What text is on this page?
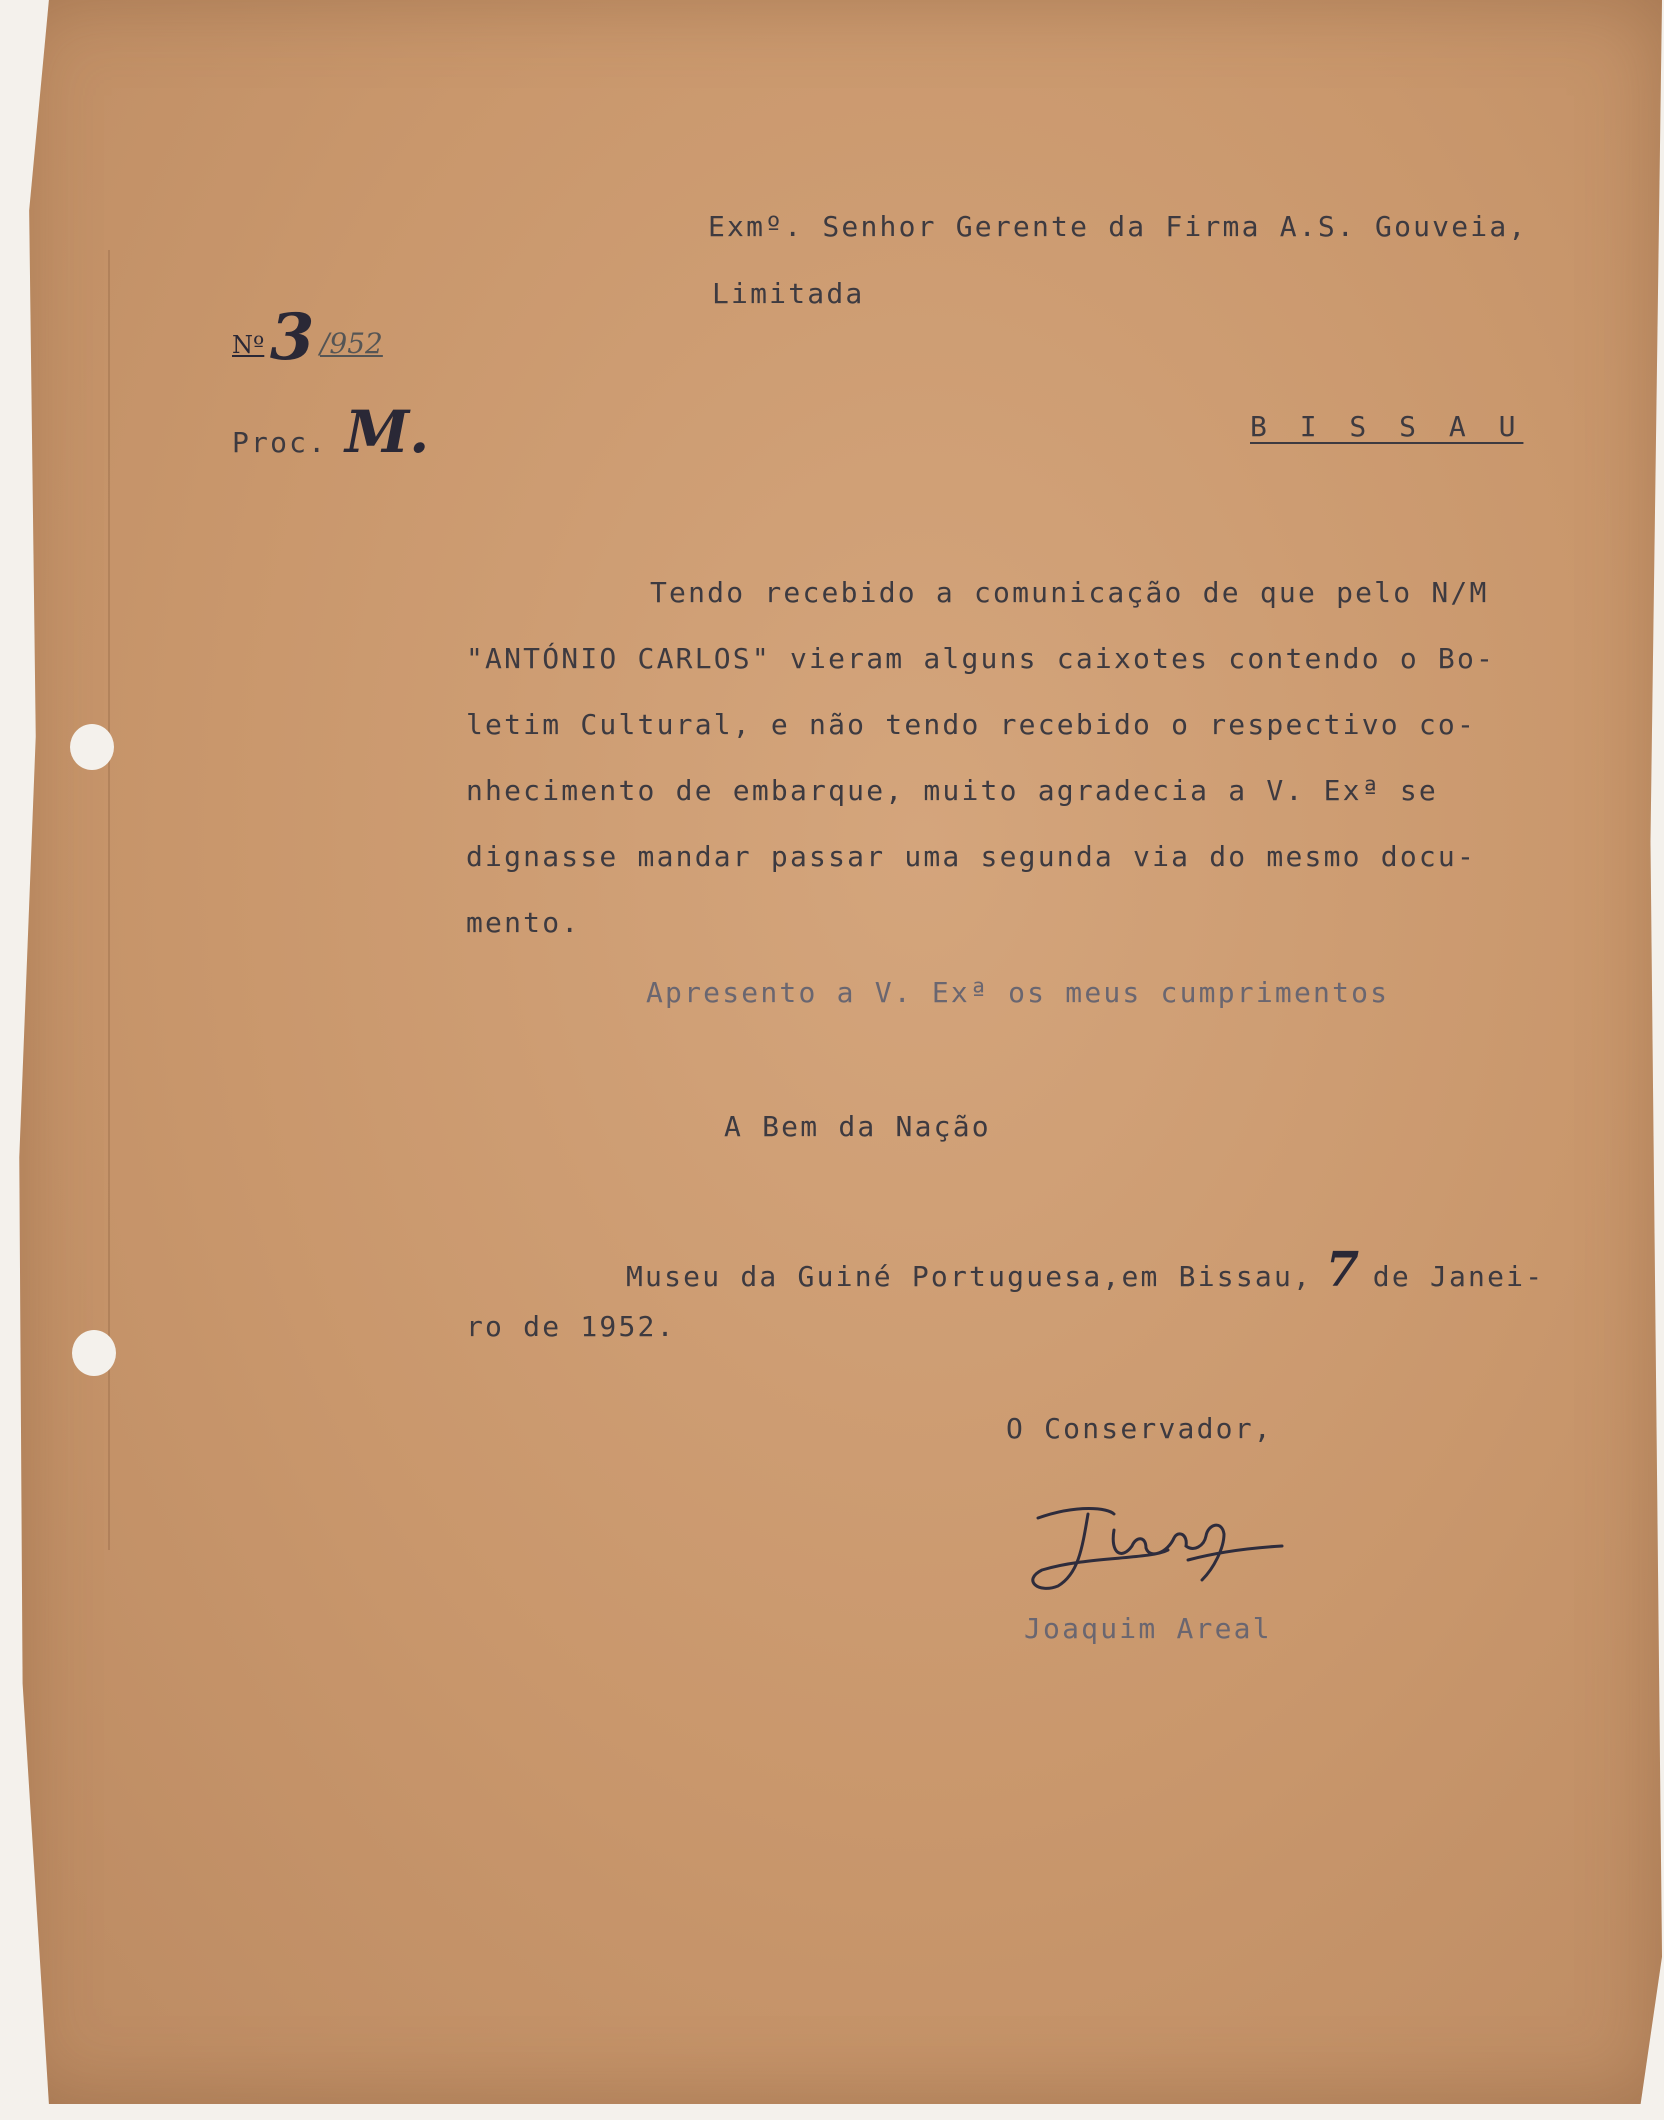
Nº 3 /952
Proc. M.

Exmº. Senhor Gerente da Firma A.S. Gouveia,

Limitada

B I S S A U

Tendo recebido a comunicação de que pelo N/M

"ANTÓNIO CARLOS" vieram alguns caixotes contendo o Bo-

letim Cultural, e não tendo recebido o respectivo co-

nhecimento de embarque, muito agradecia a V. Exª se

dignasse mandar passar uma segunda via do mesmo docu-

mento.

Apresento a V. Exª os meus cumprimentos

A Bem da Nação

Museu da Guiné Portuguesa,em Bissau, 7 de Janei-

ro de 1952.

O Conservador,

Joaquim Areal
